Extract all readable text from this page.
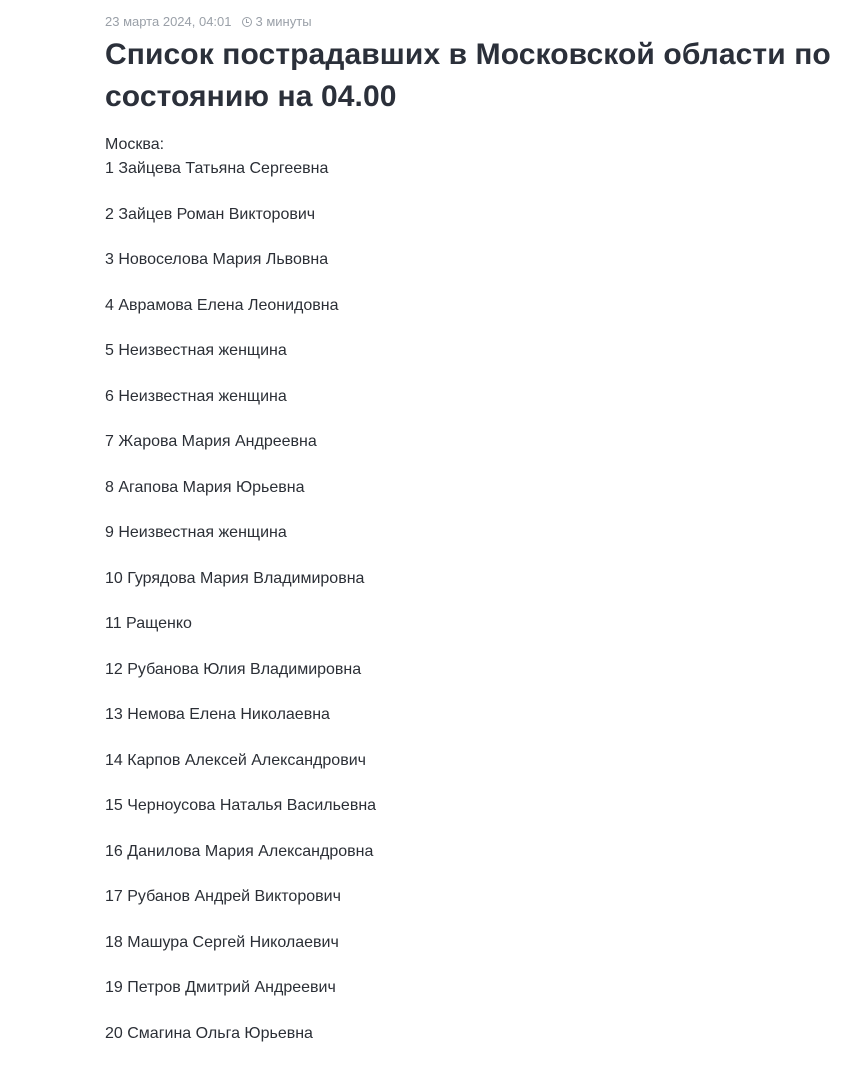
23 марта 2024, 04:01 3 минуты
Список пострадавших в Московской области по состоянию на 04.00

Москва:

1 Зайцева Татьяна Сергеевна
2 Зайцев Роман Викторович
3 Новоселова Мария Львовна
4 Аврамова Елена Леонидовна
5 Неизвестная женщина
6 Неизвестная женщина
7 Жарова Мария Андреевна
8 Агапова Мария Юрьевна
9 Неизвестная женщина
10 Гурядова Мария Владимировна
11 Ращенко
12 Рубанова Юлия Владимировна
13 Немова Елена Николаевна
14 Карпов Алексей Александрович
15 Черноусова Наталья Васильевна
16 Данилова Мария Александровна
17 Рубанов Андрей Викторович
18 Машура Сергей Николаевич
19 Петров Дмитрий Андреевич
20 Смагина Ольга Юрьевна
